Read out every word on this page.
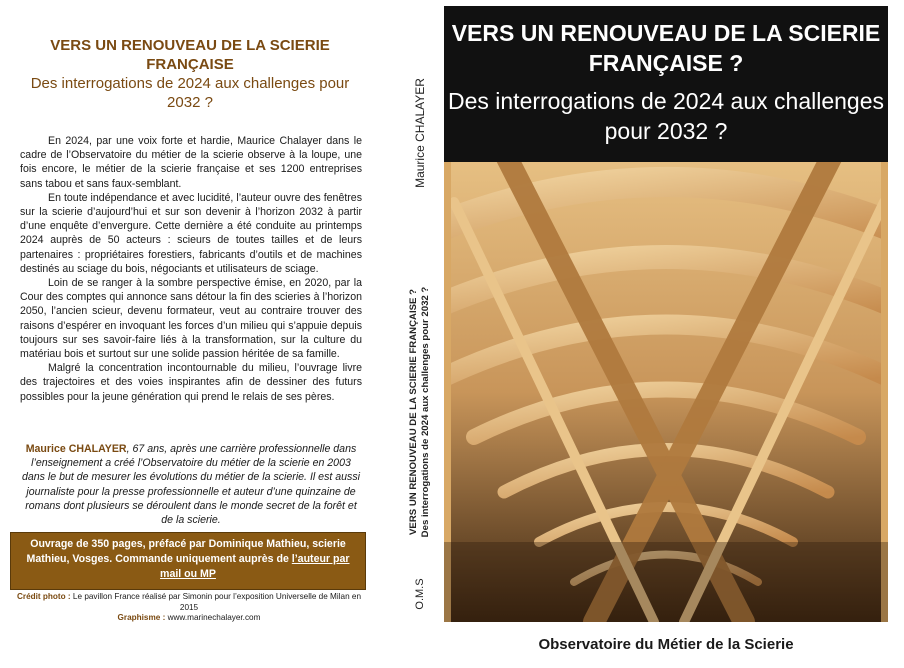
VERS UN RENOUVEAU DE LA SCIERIE FRANÇAISE
Des interrogations de 2024 aux challenges pour 2032 ?

En 2024, par une voix forte et hardie, Maurice Chalayer dans le cadre de l’Observatoire du métier de la scierie observe à la loupe, une fois encore, le métier de la scierie française et ses 1200 entreprises sans tabou et sans faux-semblant.

En toute indépendance et avec lucidité, l’auteur ouvre des fenêtres sur la scierie d’aujourd’hui et sur son devenir à l’horizon 2032 à partir d’une enquête d’envergure. Cette dernière a été conduite au printemps 2024 auprès de 50 acteurs : scieurs de toutes tailles et de leurs partenaires : propriétaires forestiers, fabricants d’outils et de machines destinés au sciage du bois, négociants et utilisateurs de sciage.

Loin de se ranger à la sombre perspective émise, en 2020, par la Cour des comptes qui annonce sans détour la fin des scieries à l’horizon 2050, l’ancien scieur, devenu formateur, veut au contraire trouver des raisons d’espérer en invoquant les forces d’un milieu qui s’appuie depuis toujours sur ses savoir-faire liés à la transformation, sur la culture du matériau bois et surtout sur une solide passion héritée de sa famille.

Malgré la concentration incontournable du milieu, l’ouvrage livre des trajectoires et des voies inspirantes afin de dessiner des futurs possibles pour la jeune génération qui prend le relais de ses pères.

Maurice CHALAYER, 67 ans, après une carrière professionnelle dans l’enseignement a créé l’Observatoire du métier de la scierie en 2003 dans le but de mesurer les évolutions du métier de la scierie. Il est aussi journaliste pour la presse professionnelle et auteur d’une quinzaine de romans dont plusieurs se déroulent dans le monde secret de la forêt et de la scierie.
Ouvrage de 350 pages, préfacé par Dominique Mathieu, scierie Mathieu, Vosges. Commande uniquement auprès de l’auteur par mail ou MP
Crédit photo : Le pavillon France réalisé par Simonin pour l’exposition Universelle de Milan en 2015
Graphisme : www.marinechalayer.com
Maurice CHALAYER
VERS UN RENOUVEAU DE LA SCIERIE FRANÇAISE ? Des interrogations de 2024 aux challenges pour 2032 ?
O.M.S
VERS UN RENOUVEAU DE LA SCIERIE FRANÇAISE ?
Des interrogations de 2024 aux challenges pour 2032 ?
Observatoire du Métier de la Scierie
